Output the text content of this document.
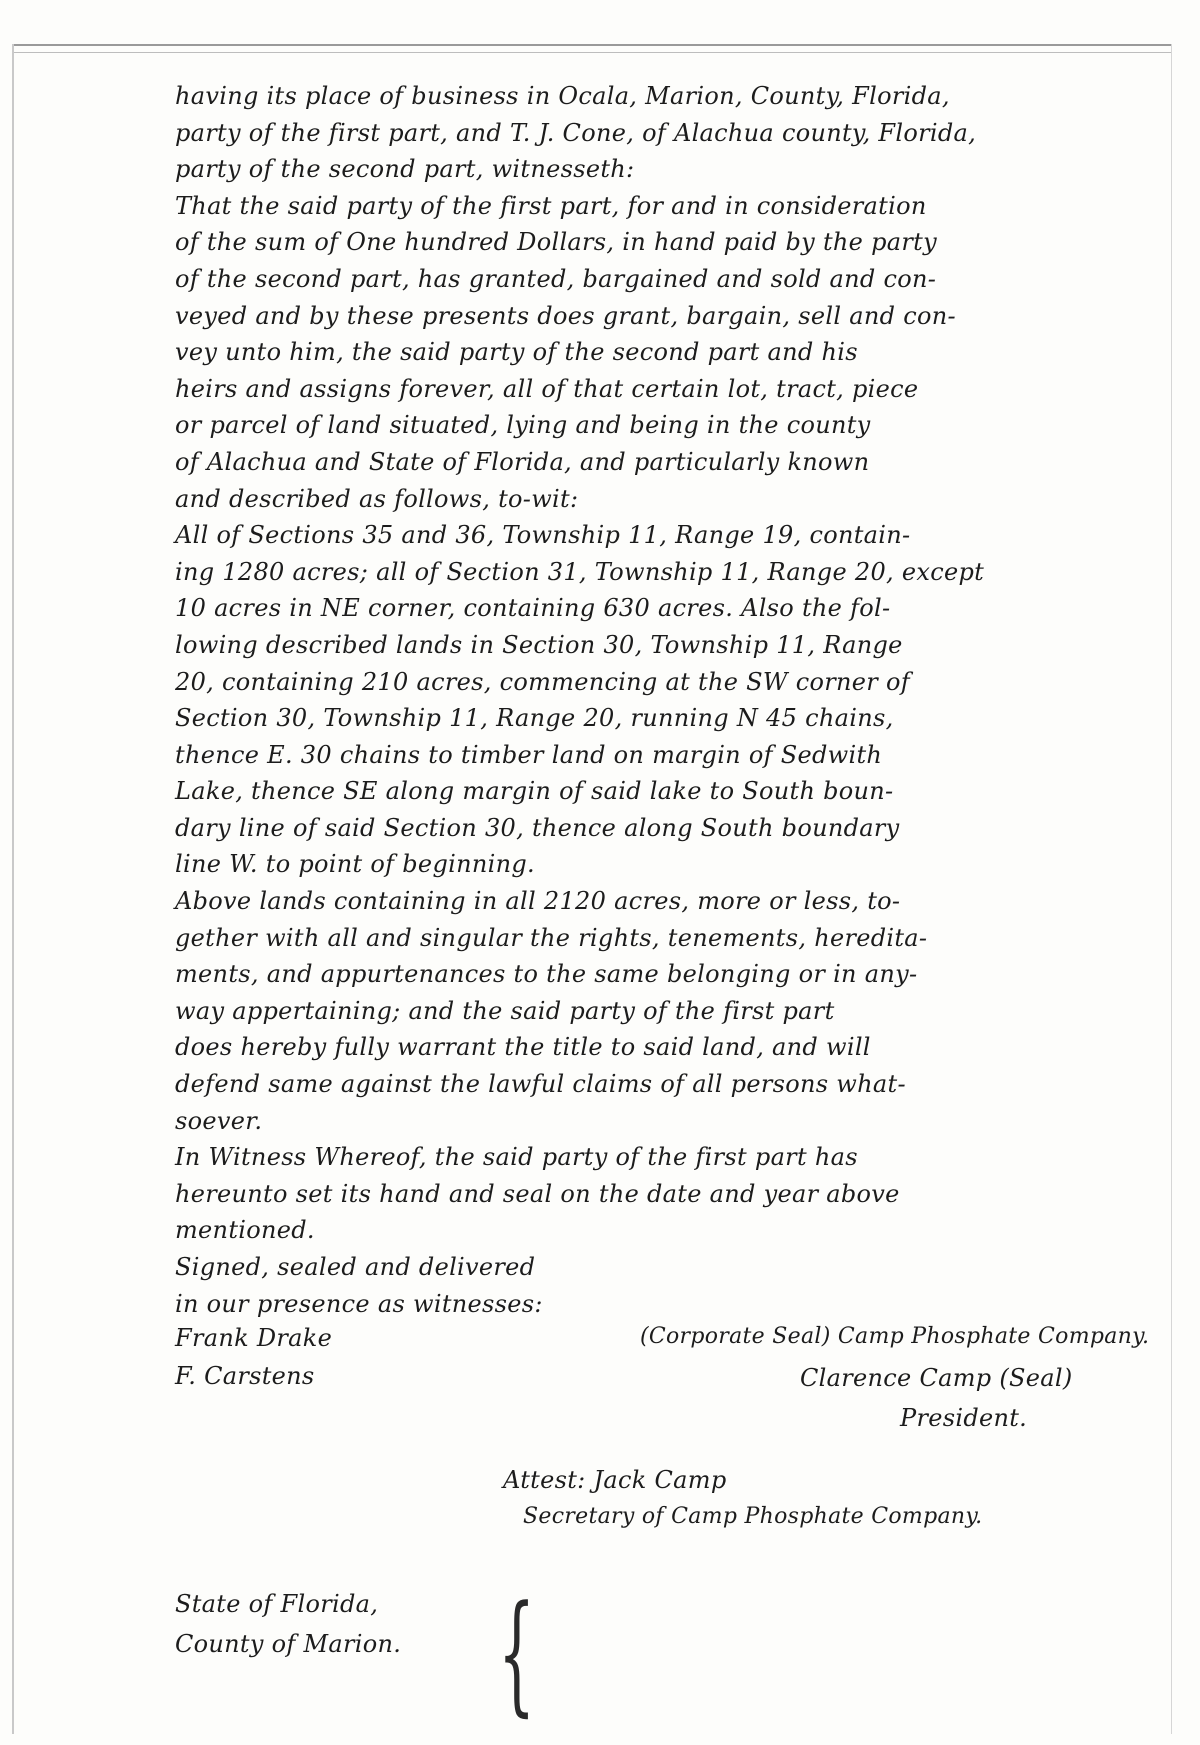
having its place of business in Ocala, Marion, County, Florida,
party of the first part, and T. J. Cone, of Alachua county, Florida,
party of the second part, witnesseth:
That the said party of the first part, for and in consideration
of the sum of One hundred Dollars, in hand paid by the party
of the second part, has granted, bargained and sold and con-
veyed and by these presents does grant, bargain, sell and con-
vey unto him, the said party of the second part and his
heirs and assigns forever, all of that certain lot, tract, piece
or parcel of land situated, lying and being in the county
of Alachua and State of Florida, and particularly known
and described as follows, to-wit:
All of Sections 35 and 36, Township 11, Range 19, contain-
ing 1280 acres; all of Section 31, Township 11, Range 20, except
10 acres in NE corner, containing 630 acres. Also the fol-
lowing described lands in Section 30, Township 11, Range
20, containing 210 acres, commencing at the SW corner of
Section 30, Township 11, Range 20, running N 45 chains,
thence E. 30 chains to timber land on margin of Sedwith
Lake, thence SE along margin of said lake to South boun-
dary line of said Section 30, thence along South boundary
line W. to point of beginning.
Above lands containing in all 2120 acres, more or less, to-
gether with all and singular the rights, tenements, heredita-
ments, and appurtenances to the same belonging or in any-
way appertaining; and the said party of the first part
does hereby fully warrant the title to said land, and will
defend same against the lawful claims of all persons what-
soever.
In Witness Whereof, the said party of the first part has
hereunto set its hand and seal on the date and year above
mentioned.
Signed, sealed and delivered
in our presence as witnesses:
Frank Drake
F. Carstens
(Corporate Seal) Camp Phosphate Company.
Clarence Camp (Seal)
President.
Attest: Jack Camp
Secretary of Camp Phosphate Company.
State of Florida,
County of Marion. {
